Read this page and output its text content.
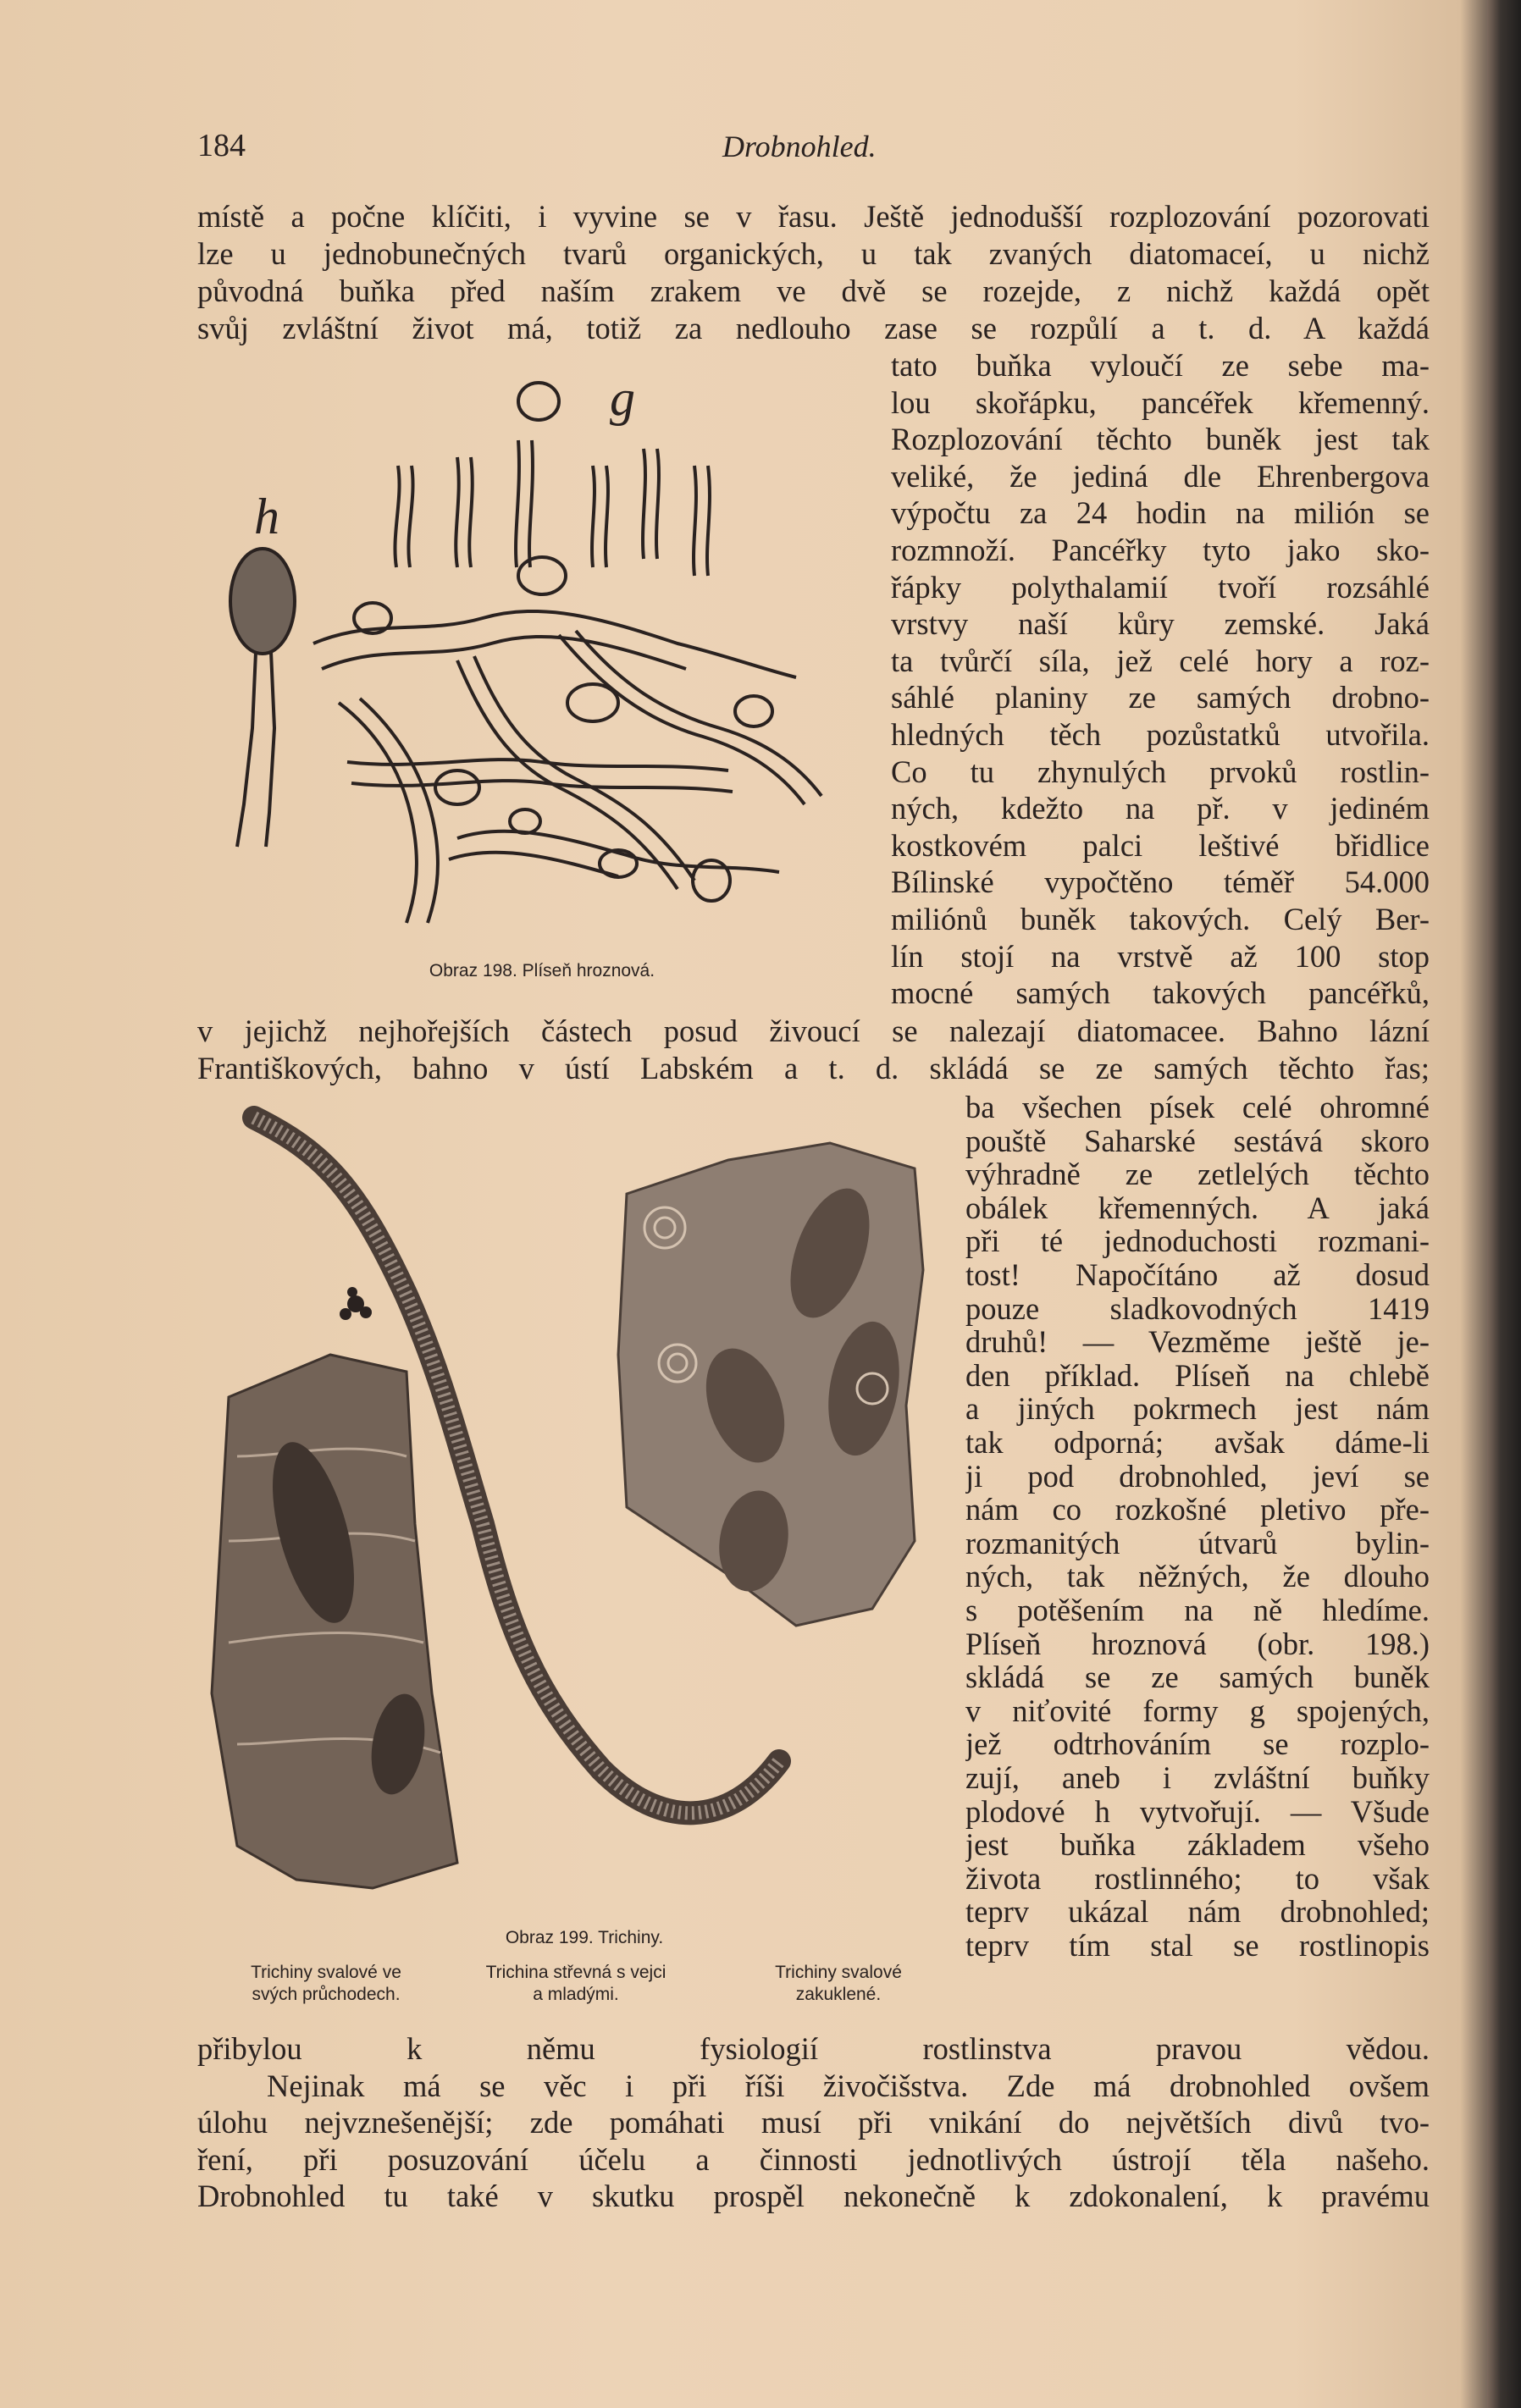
184	Drobnohled.
místě a počne klíčiti, i vyvine se v řasu. Ještě jednodušší rozplozování pozorovati
lze u jednobunečných tvarů organických, u tak zvaných diatomaceí, u nichž
původná buňka před naším zrakem ve dvě se rozejde, z nichž každá opět
svůj zvláštní život má, totiž za nedlouho zase se rozpůlí a t. d. A každá
tato buňka vyloučí ze sebe ma-
lou skořápku, pancéřek křemenný.
Rozplozování těchto buněk jest tak
veliké, že jediná dle Ehrenbergova
výpočtu za 24 hodin na milión se
rozmnoží. Pancéřky tyto jako sko-
řápky polythalamií tvoří rozsáhlé
vrstvy naší kůry zemské. Jaká
ta tvůrčí síla, jež celé hory a roz-
sáhlé planiny ze samých drobno-
hledných těch pozůstatků utvořila.
Co tu zhynulých prvoků rostlin-
ných, kdežto na př. v jediném
kostkovém palci leštivé břidlice
Bílinské vypočtěno téměř 54.000
miliónů buněk takových. Celý Ber-
lín stojí na vrstvě až 100 stop
mocné samých takových pancéřků,
g
h
Obraz 198. Plíseň hroznová.
v jejichž nejhořejších částech posud živoucí se nalezají diatomacee. Bahno lázní
Františkových, bahno v ústí Labském a t. d. skládá se ze samých těchto řas;
ba všechen písek celé ohromné
pouště Saharské sestává skoro
výhradně ze zetlelých těchto
obálek křemenných. A jaká
při té jednoduchosti rozmani-
tost! Napočítáno až dosud
pouze sladkovodných 1419
druhů! — Vezměme ještě je-
den příklad. Plíseň na chlebě
a jiných pokrmech jest nám
tak odporná; avšak dáme-li
ji pod drobnohled, jeví se
nám co rozkošné pletivo pře-
rozmanitých útvarů bylin-
ných, tak něžných, že dlouho
s potěšením na ně hledíme.
Plíseň hroznová (obr. 198.)
skládá se ze samých buněk
v niťovité formy g spojených,
jež odtrhováním se rozplo-
zují, aneb i zvláštní buňky
plodové h vytvořují. — Všude
jest buňka základem všeho
života rostlinného; to však
teprv ukázal nám drobnohled;
teprv tím stal se rostlinopis
Obraz 199. Trichiny.
Trichiny svalové ve
svých průchodech.
Trichina střevná s vejci
a mladými.
Trichiny svalové
zakuklené.
přibylou k němu fysiologií rostlinstva pravou vědou.
Nejinak má se věc i při říši živočišstva. Zde má drobnohled ovšem
úlohu nejvznešenější; zde pomáhati musí při vnikání do největších divů tvo-
ření, při posuzování účelu a činnosti jednotlivých ústrojí těla našeho.
Drobnohled tu také v skutku prospěl nekonečně k zdokonalení, k pravému
